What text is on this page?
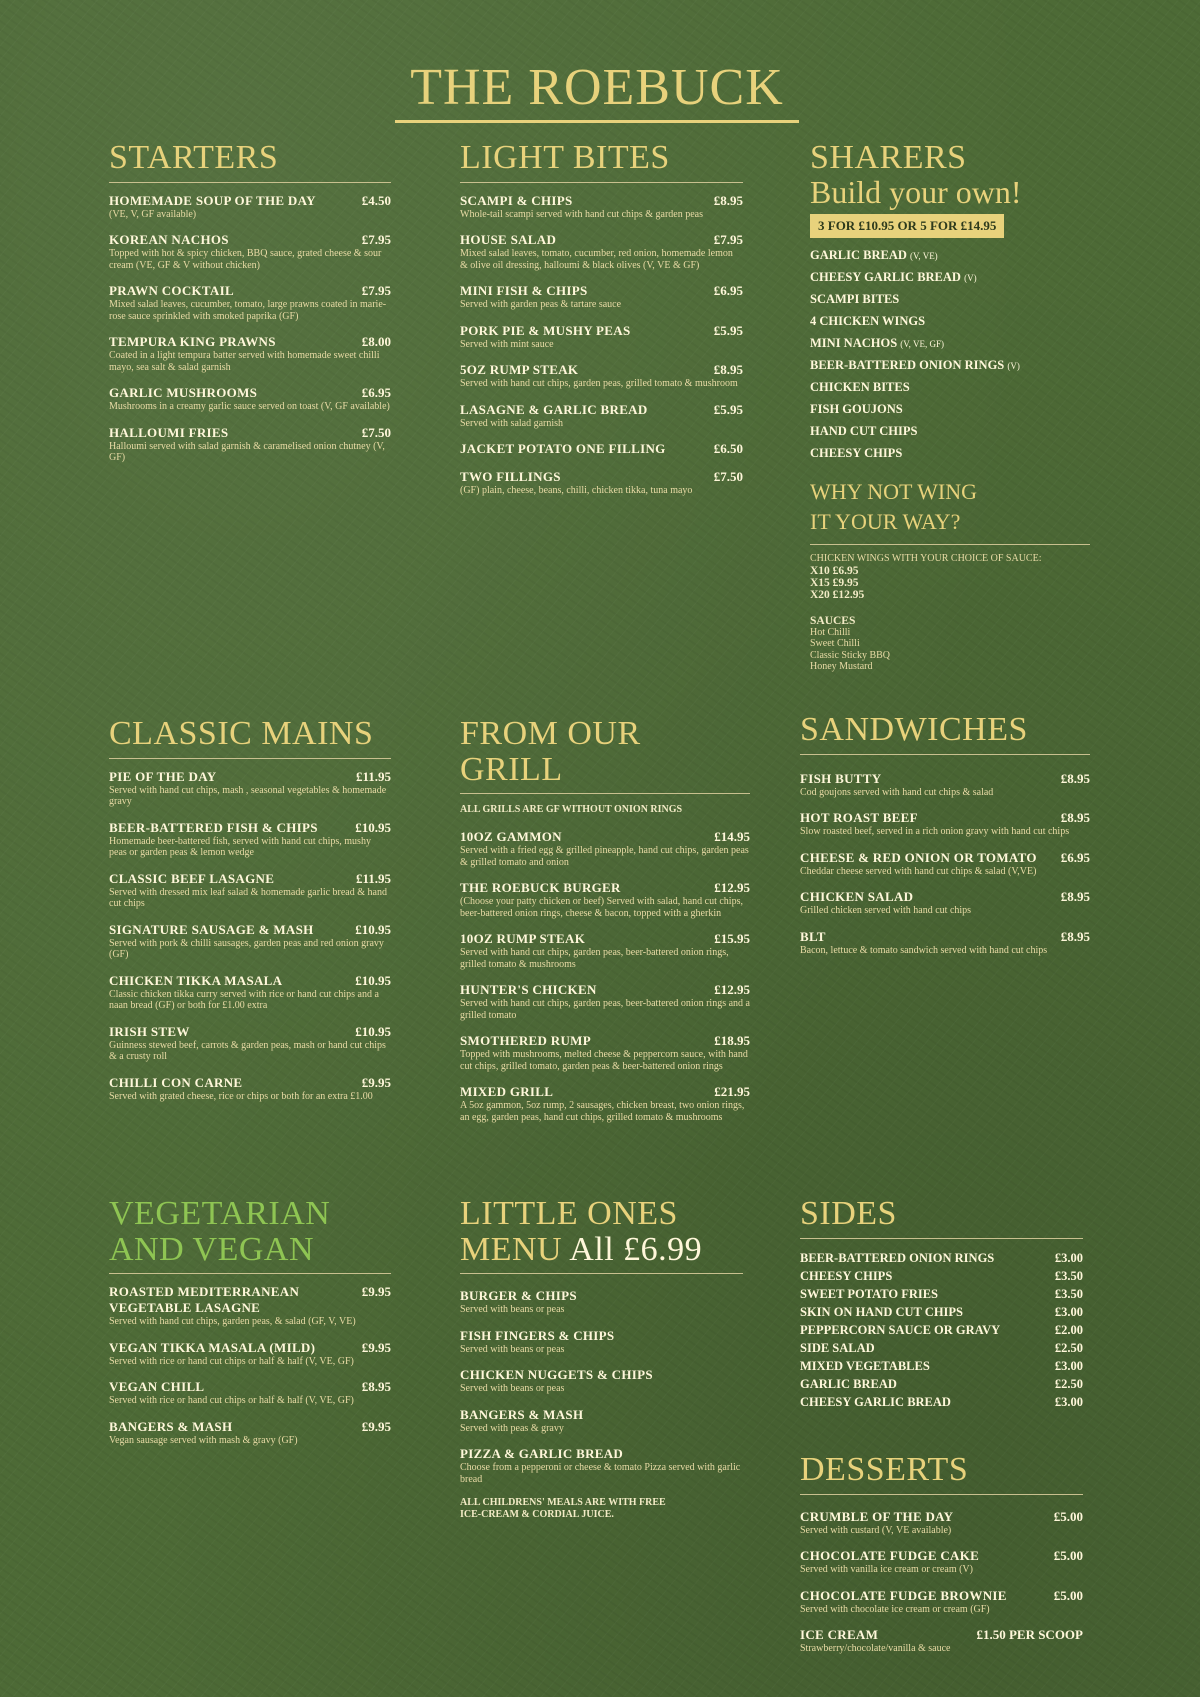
THE ROEBUCK
STARTERS
HOMEMADE SOUP OF THE DAY	£4.50
(VE, V, GF available)
KOREAN NACHOS	£7.95
Topped with hot & spicy chicken, BBQ sauce, grated cheese & sour cream (VE, GF & V without chicken)
PRAWN COCKTAIL	£7.95
Mixed salad leaves, cucumber, tomato, large prawns coated in marie-rose sauce sprinkled with smoked paprika (GF)
TEMPURA KING PRAWNS	£8.00
Coated in a light tempura batter served with homemade sweet chilli mayo, sea salt & salad garnish
GARLIC MUSHROOMS	£6.95
Mushrooms in a creamy garlic sauce served on toast (V, GF available)
HALLOUMI FRIES	£7.50
Halloumi served with salad garnish & caramelised onion chutney (V, GF)
LIGHT BITES
SCAMPI & CHIPS	£8.95
Whole-tail scampi served with hand cut chips & garden peas
HOUSE SALAD	£7.95
Mixed salad leaves, tomato, cucumber, red onion, homemade lemon & olive oil dressing, halloumi & black olives (V, VE & GF)
MINI FISH & CHIPS	£6.95
Served with garden peas & tartare sauce
PORK PIE & MUSHY PEAS	£5.95
Served with mint sauce
5OZ RUMP STEAK	£8.95
Served with hand cut chips, garden peas, grilled tomato & mushroom
LASAGNE & GARLIC BREAD	£5.95
Served with salad garnish
JACKET POTATO ONE FILLING	£6.50
TWO FILLINGS	£7.50
(GF) plain, cheese, beans, chilli, chicken tikka, tuna mayo
SHARERS
Build your own!
3 FOR £10.95 OR 5 FOR £14.95
GARLIC BREAD (V, VE)
CHEESY GARLIC BREAD (V)
SCAMPI BITES
4 CHICKEN WINGS
MINI NACHOS (V, VE, GF)
BEER-BATTERED ONION RINGS (V)
CHICKEN BITES
FISH GOUJONS
HAND CUT CHIPS
CHEESY CHIPS
WHY NOT WING
IT YOUR WAY?
CHICKEN WINGS WITH YOUR CHOICE OF SAUCE:
X10 £6.95
X15 £9.95
X20 £12.95
SAUCES
Hot Chilli
Sweet Chilli
Classic Sticky BBQ
Honey Mustard
CLASSIC MAINS
PIE OF THE DAY	£11.95
Served with hand cut chips, mash , seasonal vegetables & homemade gravy
BEER-BATTERED FISH & CHIPS	£10.95
Homemade beer-battered fish, served with hand cut chips, mushy peas or garden peas & lemon wedge
CLASSIC BEEF LASAGNE	£11.95
Served with dressed mix leaf salad & homemade garlic bread & hand cut chips
SIGNATURE SAUSAGE & MASH	£10.95
Served with pork & chilli sausages, garden peas and red onion gravy (GF)
CHICKEN TIKKA MASALA	£10.95
Classic chicken tikka curry served with rice or hand cut chips and a naan bread (GF) or both for £1.00 extra
IRISH STEW	£10.95
Guinness stewed beef, carrots & garden peas, mash or hand cut chips & a crusty roll
CHILLI CON CARNE	£9.95
Served with grated cheese, rice or chips or both for an extra £1.00
FROM OUR GRILL
ALL GRILLS ARE GF WITHOUT ONION RINGS
10OZ GAMMON	£14.95
Served with a fried egg & grilled pineapple, hand cut chips, garden peas & grilled tomato and onion
THE ROEBUCK BURGER	£12.95
(Choose your patty chicken or beef) Served with salad, hand cut chips, beer-battered onion rings, cheese & bacon, topped with a gherkin
10OZ RUMP STEAK	£15.95
Served with hand cut chips, garden peas, beer-battered onion rings, grilled tomato & mushrooms
HUNTER'S CHICKEN	£12.95
Served with hand cut chips, garden peas, beer-battered onion rings and a grilled tomato
SMOTHERED RUMP	£18.95
Topped with mushrooms, melted cheese & peppercorn sauce, with hand cut chips, grilled tomato, garden peas & beer-battered onion rings
MIXED GRILL	£21.95
A 5oz gammon, 5oz rump, 2 sausages, chicken breast, two onion rings, an egg, garden peas, hand cut chips, grilled tomato & mushrooms
SANDWICHES
FISH BUTTY	£8.95
Cod goujons served with hand cut chips & salad
HOT ROAST BEEF	£8.95
Slow roasted beef, served in a rich onion gravy with hand cut chips
CHEESE & RED ONION OR TOMATO £6.95
Cheddar cheese served with hand cut chips & salad (V,VE)
CHICKEN SALAD	£8.95
Grilled chicken served with hand cut chips
BLT	£8.95
Bacon, lettuce & tomato sandwich served with hand cut chips
VEGETARIAN
AND VEGAN
ROASTED MEDITERRANEAN VEGETABLE LASAGNE
£9.95
Served with hand cut chips, garden peas, & salad (GF, V, VE)
VEGAN TIKKA MASALA (MILD)	£9.95
Served with rice or hand cut chips or half & half (V, VE, GF)
VEGAN CHILL	£8.95
Served with rice or hand cut chips or half & half (V, VE, GF)
BANGERS & MASH	£9.95
Vegan sausage served with mash & gravy (GF)
LITTLE ONES
MENU All £6.99
BURGER & CHIPS
Served with beans or peas
FISH FINGERS & CHIPS
Served with beans or peas
CHICKEN NUGGETS & CHIPS
Served with beans or peas
BANGERS & MASH
Served with peas & gravy
PIZZA & GARLIC BREAD
Choose from a pepperoni or cheese & tomato Pizza served with garlic bread
ALL CHILDRENS' MEALS ARE WITH FREE ICE-CREAM & CORDIAL JUICE.
SIDES
BEER-BATTERED ONION RINGS	£3.00
CHEESY CHIPS	£3.50
SWEET POTATO FRIES	£3.50
SKIN ON HAND CUT CHIPS	£3.00
PEPPERCORN SAUCE OR GRAVY	£2.00
SIDE SALAD	£2.50
MIXED VEGETABLES	£3.00
GARLIC BREAD	£2.50
CHEESY GARLIC BREAD	£3.00
DESSERTS
CRUMBLE OF THE DAY	£5.00
Served with custard (V, VE available)
CHOCOLATE FUDGE CAKE	£5.00
Served with vanilla ice cream or cream (V)
CHOCOLATE FUDGE BROWNIE	£5.00
Served with chocolate ice cream or cream (GF)
ICE CREAM	£1.50 PER SCOOP
Strawberry/chocolate/vanilla & sauce
